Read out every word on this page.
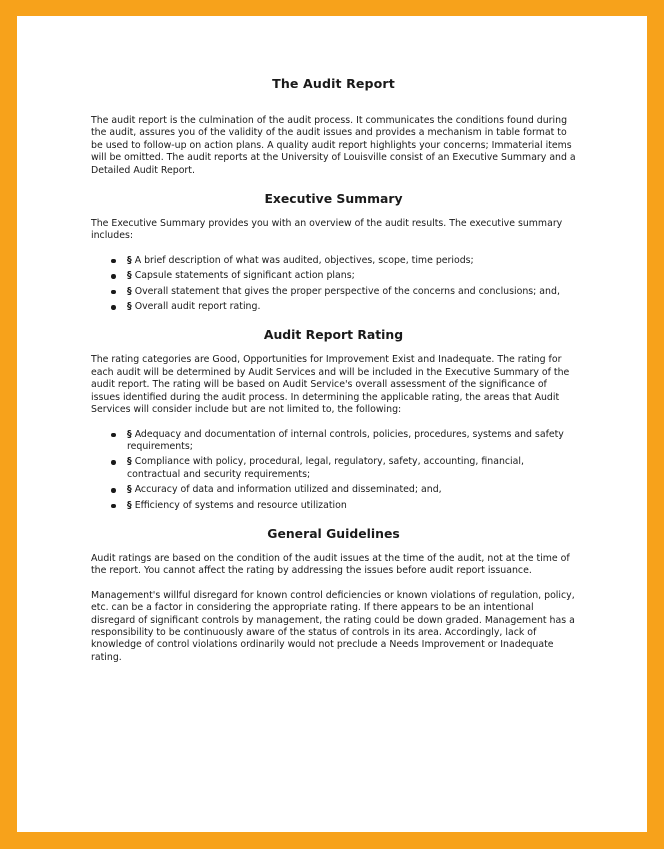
The Audit Report

The audit report is the culmination of the audit process. It communicates the conditions found during the audit, assures you of the validity of the audit issues and provides a mechanism in table format to be used to follow-up on action plans. A quality audit report highlights your concerns; Immaterial items will be omitted. The audit reports at the University of Louisville consist of an Executive Summary and a Detailed Audit Report.

Executive Summary

The Executive Summary provides you with an overview of the audit results. The executive summary includes:

§ A brief description of what was audited, objectives, scope, time periods;
§ Capsule statements of significant action plans;
§ Overall statement that gives the proper perspective of the concerns and conclusions; and,
§ Overall audit report rating.
Audit Report Rating

The rating categories are Good, Opportunities for Improvement Exist and Inadequate. The rating for each audit will be determined by Audit Services and will be included in the Executive Summary of the audit report. The rating will be based on Audit Service's overall assessment of the significance of issues identified during the audit process. In determining the applicable rating, the areas that Audit Services will consider include but are not limited to, the following:

§ Adequacy and documentation of internal controls, policies, procedures, systems and safety requirements;
§ Compliance with policy, procedural, legal, regulatory, safety, accounting, financial, contractual and security requirements;
§ Accuracy of data and information utilized and disseminated; and,
§ Efficiency of systems and resource utilization
General Guidelines

Audit ratings are based on the condition of the audit issues at the time of the audit, not at the time of the report. You cannot affect the rating by addressing the issues before audit report issuance.

Management's willful disregard for known control deficiencies or known violations of regulation, policy, etc. can be a factor in considering the appropriate rating. If there appears to be an intentional disregard of significant controls by management, the rating could be down graded. Management has a responsibility to be continuously aware of the status of controls in its area. Accordingly, lack of knowledge of control violations ordinarily would not preclude a Needs Improvement or Inadequate rating.
